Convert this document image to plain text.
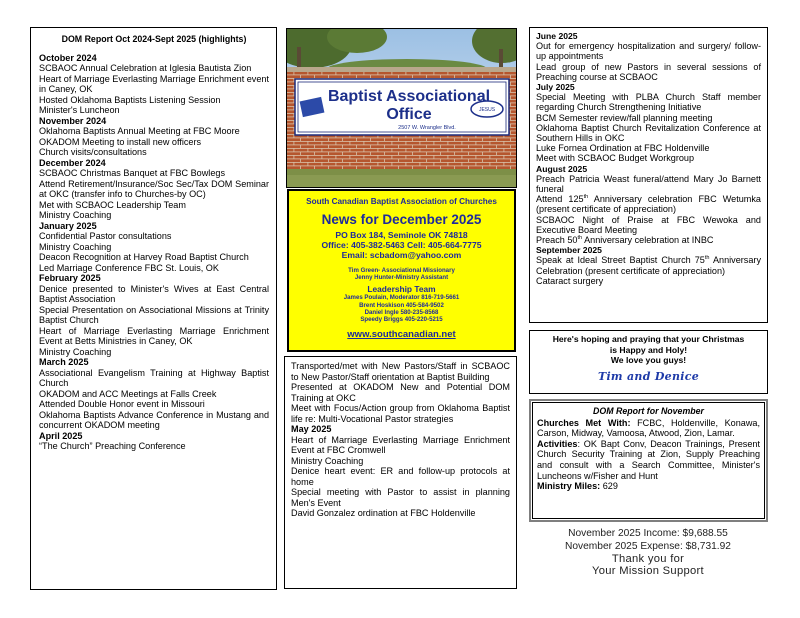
DOM Report Oct 2024-Sept 2025 (highlights)
October 2024
SCBAOC Annual Celebration at Iglesia Bautista Zion
Heart of Marriage Everlasting Marriage Enrichment event in Caney, OK
Hosted Oklahoma Baptists Listening Session
Minister's Luncheon
November 2024
Oklahoma Baptists Annual Meeting at FBC Moore
OKADOM Meeting to install new officers
Church visits/consultations
December 2024
SCBAOC Christmas Banquet at FBC Bowlegs
Attend Retirement/Insurance/Soc Sec/Tax DOM Seminar at OKC (transfer info to Churches-by OC)
Met with SCBAOC Leadership Team
Ministry Coaching
January 2025
Confidential Pastor consultations
Ministry Coaching
Deacon Recognition at Harvey Road Baptist Church
Led Marriage Conference FBC St. Louis, OK
February 2025
Denice presented to Minister's Wives at East Central Baptist Association
Special Presentation on Associational Missions at Trinity Baptist Church
Heart of Marriage Everlasting Marriage Enrichment Event at Betts Ministries in Caney, OK
Ministry Coaching
March 2025
Associational Evangelism Training at Highway Baptist Church
OKADOM and ACC Meetings at Falls Creek
Attended Double Honor event in Missouri
Oklahoma Baptists Advance Conference in Mustang and concurrent OKADOM meeting
April 2025
“The Church” Preaching Conference
Baptist Associational
Office	JESUS
2507 W. Wrangler Blvd.
South Canadian Baptist Association of Churches
News for December 2025
PO Box 184, Seminole OK 74818
Office: 405-382-5463 Cell: 405-664-7775
Email: scbadom@yahoo.com
Tim Green- Associational Missionary
Jenny Hunter-Ministry Assistant
Leadership Team
James Poulain, Moderator 816-719-5661
Brent Hoskison 405-584-9502
Daniel Ingle 580-235-8568
Speedy Briggs 405-220-5215
www.southcanadian.net
Transported/met with New Pastors/Staff in SCBAOC to New Pastor/Staff orientation at Baptist Building
Presented at OKADOM New and Potential DOM Training at OKC
Meet with Focus/Action group from Oklahoma Baptist life re: Multi-Vocational Pastor strategies
May 2025
Heart of Marriage Everlasting Marriage Enrichment Event at FBC Cromwell
Ministry Coaching
Denice heart event: ER and follow-up protocols at home
Special meeting with Pastor to assist in planning Men's Event
David Gonzalez ordination at FBC Holdenville
June 2025
Out for emergency hospitalization and surgery/ follow-up appointments
Lead group of new Pastors in several sessions of Preaching course at SCBAOC
July 2025
Special Meeting with PLBA Church Staff member regarding Church Strengthening Initiative
BCM Semester review/fall planning meeting
Oklahoma Baptist Church Revitalization Conference at Southern Hills in OKC
Luke Fornea Ordination at FBC Holdenville
Meet with SCBAOC Budget Workgroup
August 2025
Preach Patricia Weast funeral/attend Mary Jo Barnett funeral
Attend 125th Anniversary celebration FBC Wetumka (present certificate of appreciation)
SCBAOC Night of Praise at FBC Wewoka and Executive Board Meeting
Preach 50th Anniversary celebration at INBC
September 2025
Speak at Ideal Street Baptist Church 75th Anniversary Celebration (present certificate of appreciation)
Cataract surgery
Here's hoping and praying that your Christmas
is Happy and Holy!
We love you guys!
Tim and Denice
DOM Report for November
Churches Met With: FCBC, Holdenville, Konawa, Carson, Midway, Vamoosa, Atwood, Zion, Lamar.
Activities: OK Bapt Conv, Deacon Trainings, Present Church Security Training at Zion, Supply Preaching and consult with a Search Committee, Minister's Luncheons w/Fisher and Hunt
Ministry Miles: 629
November 2025 Income: $9,688.55
November 2025 Expense: $8,731.92
Thank you for
Your Mission Support
